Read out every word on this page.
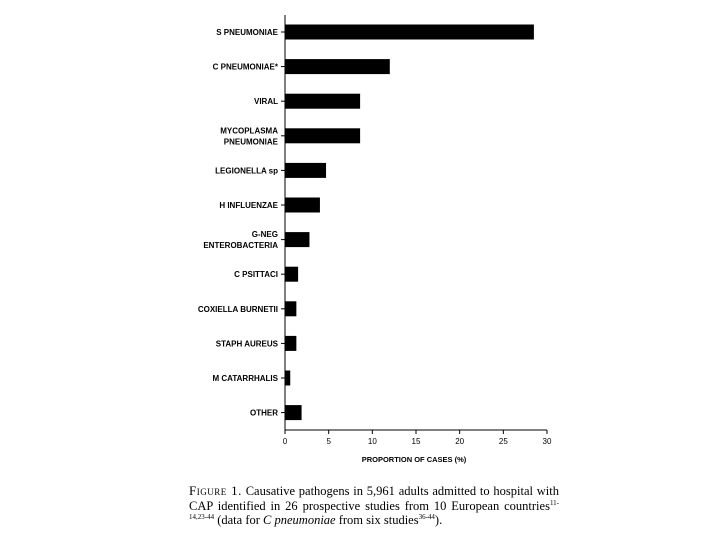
S PNEUMONIAE
C PNEUMONIAE*
VIRAL
MYCOPLASMA
PNEUMONIAE
LEGIONELLA sp
H INFLUENZAE
G-NEG
ENTEROBACTERIA
C PSITTACI
COXIELLA BURNETII
STAPH AUREUS
M CATARRHALIS
OTHER
0	5	10	15	20	25	30
PROPORTION OF CASES (%)
Figure 1. Causative pathogens in 5,961 adults admitted to hospital with CAP identified in 26 prospective studies from 10 European countries$^{11-14,23-44}$ (data for C pneumoniae from six studies$^{36-44}$).
